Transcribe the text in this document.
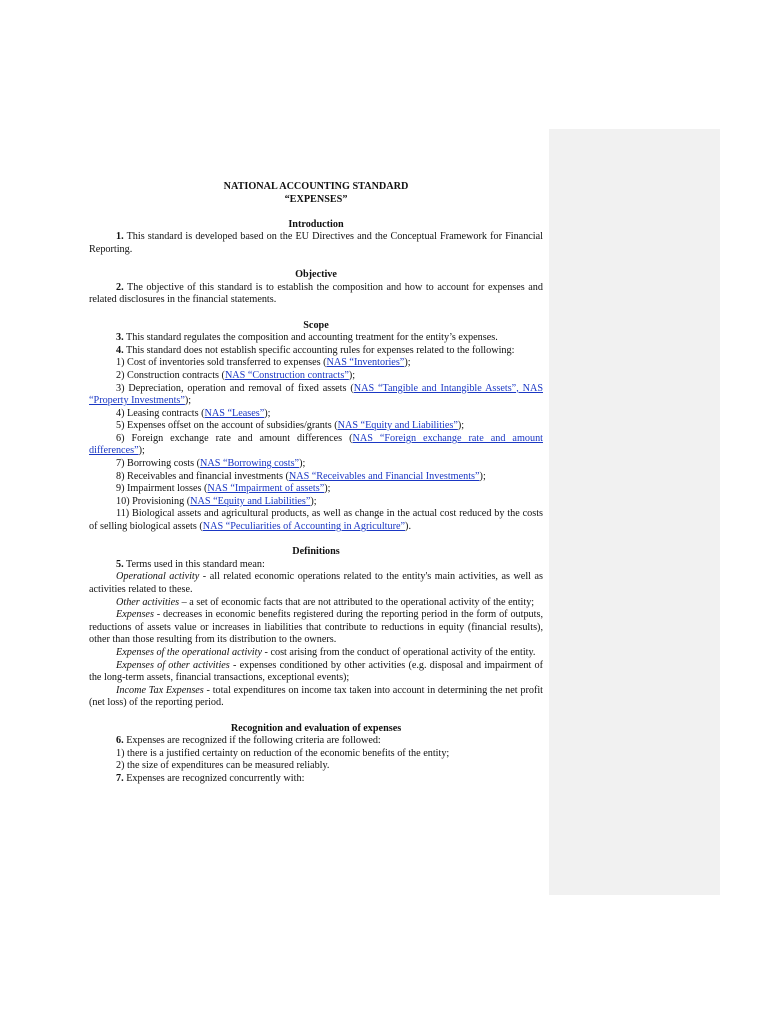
NATIONAL ACCOUNTING STANDARD

“EXPENSES”

Introduction

1. This standard is developed based on the EU Directives and the Conceptual Framework for Financial Reporting.

Objective

2. The objective of this standard is to establish the composition and how to account for expenses and related disclosures in the financial statements.

Scope

3. This standard regulates the composition and accounting treatment for the entity’s expenses.

4. This standard does not establish specific accounting rules for expenses related to the following:

1) Cost of inventories sold transferred to expenses (NAS “Inventories”);

2) Construction contracts (NAS “Construction contracts”);

3) Depreciation, operation and removal of fixed assets (NAS “Tangible and Intangible Assets”, NAS “Property Investments”);

4) Leasing contracts (NAS “Leases”);

5) Expenses offset on the account of subsidies/grants (NAS “Equity and Liabilities”);

6) Foreign exchange rate and amount differences (NAS “Foreign exchange rate and amount differences”);

7) Borrowing costs (NAS “Borrowing costs”);

8) Receivables and financial investments (NAS “Receivables and Financial Investments”);

9) Impairment losses (NAS “Impairment of assets”);

10) Provisioning (NAS “Equity and Liabilities”);

11) Biological assets and agricultural products, as well as change in the actual cost reduced by the costs of selling biological assets (NAS “Peculiarities of Accounting in Agriculture”).

Definitions

5. Terms used in this standard mean:

Operational activity - all related economic operations related to the entity's main activities, as well as activities related to these.

Other activities – a set of economic facts that are not attributed to the operational activity of the entity;

Expenses - decreases in economic benefits registered during the reporting period in the form of outputs, reductions of assets value or increases in liabilities that contribute to reductions in equity (financial results), other than those resulting from its distribution to the owners.

Expenses of the operational activity - cost arising from the conduct of operational activity of the entity.

Expenses of other activities - expenses conditioned by other activities (e.g. disposal and impairment of the long-term assets, financial transactions, exceptional events);

Income Tax Expenses - total expenditures on income tax taken into account in determining the net profit (net loss) of the reporting period.

Recognition and evaluation of expenses

6. Expenses are recognized if the following criteria are followed:

1) there is a justified certainty on reduction of the economic benefits of the entity;

2) the size of expenditures can be measured reliably.

7. Expenses are recognized concurrently with:
